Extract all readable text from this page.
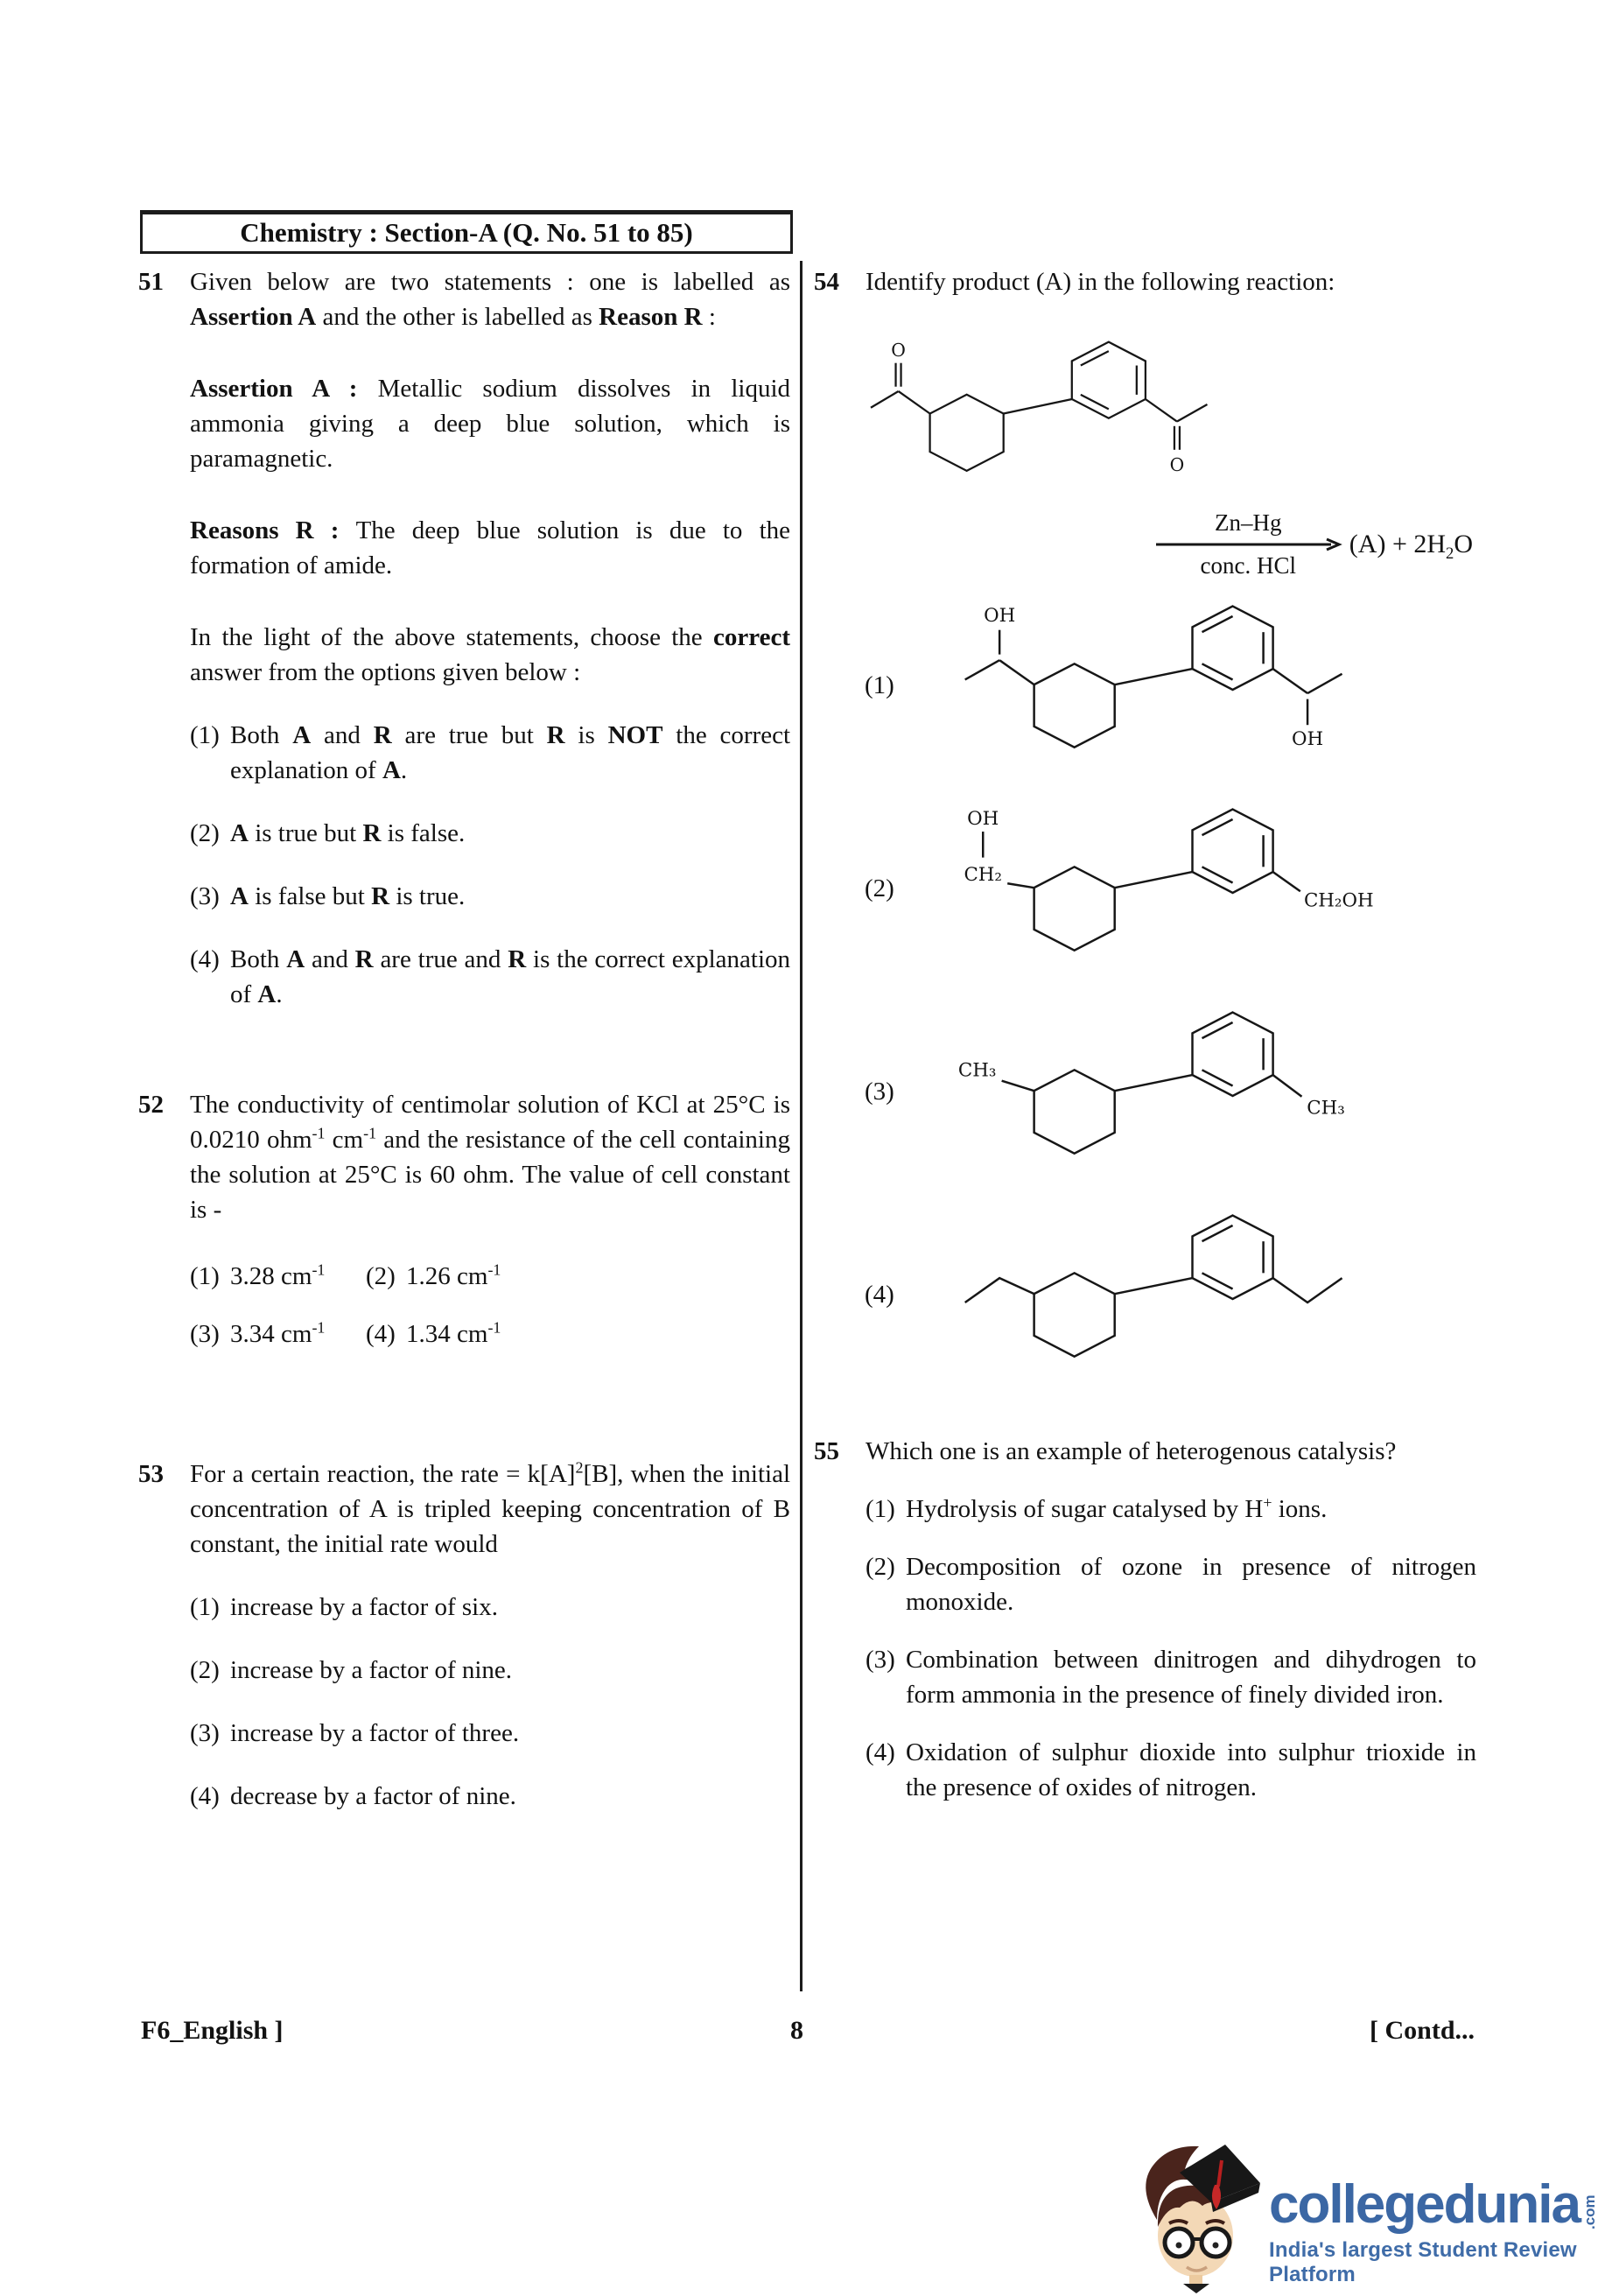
Chemistry : Section-A (Q. No. 51 to 85)
51	Given below are two statements : one is labelled as Assertion A and the other is labelled as Reason R :

Assertion A : Metallic sodium dissolves in liquid ammonia giving a deep blue solution, which is paramagnetic.

Reasons R : The deep blue solution is due to the formation of amide.

In the light of the above statements, choose the correct answer from the options given below :

(1) Both A and R are true but R is NOT the correct explanation of A.
(2) A is true but R is false.
(3) A is false but R is true.
(4) Both A and R are true and R is the correct explanation of A.
52	The conductivity of centimolar solution of KCl at 25°C is 0.0210 ohm$^{-1}$ $cm^{-1}$ and the resistance of the cell containing the solution at 25°C is 60 ohm. The value of cell constant is -

(1) 3.28 $cm^{-1}$ (2) 1.26 $cm^{-1}$
(3) 3.34 $cm^{-1}$ (4) 1.34 $cm^{-1}$
53	For a certain reaction, the rate = $k[A]^2[B]$, when the initial concentration of A is tripled keeping concentration of B constant, the initial rate would

(1) increase by a factor of six.
(2) increase by a factor of nine.
(3) increase by a factor of three.
(4) decrease by a factor of nine.
54	Identify product (A) in the following reaction:

O
O
Zn–Hg
conc. HCl
$(A) + 2H_2O$
(1)
OH
OH
(2)
OH
CH₂
CH₂OH
(3)
CH₃
CH₃
(4)
55	Which one is an example of heterogenous catalysis?

(1) Hydrolysis of sugar catalysed by H+ ions.
(2) Decomposition of ozone in presence of nitrogen monoxide.
(3) Combination between dinitrogen and dihydrogen to form ammonia in the presence of finely divided iron.
(4) Oxidation of sulphur dioxide into sulphur trioxide in the presence of oxides of nitrogen.
F6_English ]	8	[ Contd...
collegedunia .com
India's largest Student Review Platform
